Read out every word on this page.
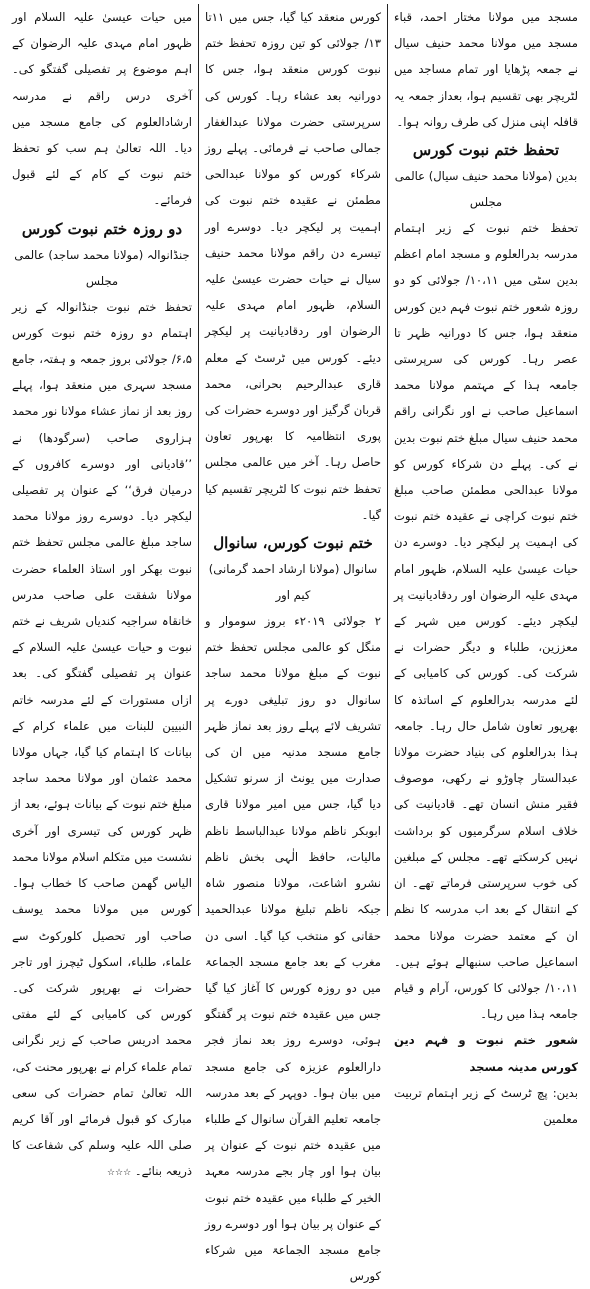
مسجد میں مولانا مختار احمد، قباء مسجد میں مولانا محمد حنیف سیال نے جمعہ پڑھایا اور تمام مساجد میں لٹریچر بھی تقسیم ہوا، بعداز جمعہ یہ قافلہ اپنی منزل کی طرف روانہ ہوا۔

تحفظ ختم نبوت کورس
بدین (مولانا محمد حنیف سیال) عالمی مجلس

تحفظ ختم نبوت کے زیر اہتمام مدرسہ بدرالعلوم و مسجد امام اعظم بدین سٹی میں ۱۰،۱۱/ جولائی کو دو روزہ شعور ختم نبوت فہم دین کورس منعقد ہوا، جس کا دورانیہ ظہر تا عصر رہا۔ کورس کی سرپرستی جامعہ ہذا کے مہتمم مولانا محمد اسماعیل صاحب نے اور نگرانی راقم محمد حنیف سیال مبلغ ختم نبوت بدین نے کی۔ پہلے دن شرکاء کورس کو مولانا عبدالحی مطمئن صاحب مبلغ ختم نبوت کراچی نے عقیدہ ختم نبوت کی اہمیت پر لیکچر دیا۔ دوسرے دن حیات عیسیٰ علیہ السلام، ظہور امام مہدی علیہ الرضوان اور ردقادیانیت پر لیکچر دیئے۔ کورس میں شہر کے معززین، طلباء و دیگر حضرات نے شرکت کی۔ کورس کی کامیابی کے لئے مدرسہ بدرالعلوم کے اساتذہ کا بھرپور تعاون شامل حال رہا۔ جامعہ ہذا بدرالعلوم کی بنیاد حضرت مولانا عبدالستار چاوڑو نے رکھی، موصوف فقیر منش انسان تھے۔ قادیانیت کی خلاف اسلام سرگرمیوں کو برداشت نہیں کرسکتے تھے۔ مجلس کے مبلغین کی خوب سرپرستی فرماتے تھے۔ ان کے انتقال کے بعد اب مدرسہ کا نظم ان کے معتمد حضرت مولانا محمد اسماعیل صاحب سنبھالے ہوئے ہیں۔ ۱۰،۱۱/ جولائی کا کورس، آرام و قیام جامعہ ہذا میں رہا۔

شعور ختم نبوت و فہم دین کورس مدینہ مسجد

بدین: پچ ٹرسٹ کے زیر اہتمام تربیت معلمین

کورس منعقد کیا گیا، جس میں ۱۱تا ۱۳/ جولائی کو تین روزہ تحفظ ختم نبوت کورس منعقد ہوا، جس کا دورانیہ بعد عشاء رہا۔ کورس کی سرپرستی حضرت مولانا عبدالغفار جمالی صاحب نے فرمائی۔ پہلے روز شرکاء کورس کو مولانا عبدالحی مطمئن نے عقیدہ ختم نبوت کی اہمیت پر لیکچر دیا۔ دوسرے اور تیسرے دن راقم مولانا محمد حنیف سیال نے حیات حضرت عیسیٰ علیہ السلام، ظہور امام مہدی علیہ الرضوان اور ردقادیانیت پر لیکچر دیئے۔ کورس میں ٹرسٹ کے معلم قاری عبدالرحیم بحرانی، محمد قربان گرگیز اور دوسرے حضرات کی پوری انتظامیہ کا بھرپور تعاون حاصل رہا۔ آخر میں عالمی مجلس تحفظ ختم نبوت کا لٹریچر تقسیم کیا گیا۔

ختم نبوت کورس، سانوال
سانوال (مولانا ارشاد احمد گرمانی) کیم اور

۲ جولائی ۲۰۱۹ء بروز سوموار و منگل کو عالمی مجلس تحفظ ختم نبوت کے مبلغ مولانا محمد ساجد سانوال دو روز تبلیغی دورے پر تشریف لائے پہلے روز بعد نماز ظہر جامع مسجد مدنیہ میں ان کی صدارت میں یونٹ از سرنو تشکیل دیا گیا، جس میں امیر مولانا قاری ابوبکر ناظم مولانا عبدالباسط ناظم مالیات، حافظ الٰہی بخش ناظم نشرو اشاعت، مولانا منصور شاہ جبکہ ناظم تبلیغ مولانا عبدالحمید حقانی کو منتخب کیا گیا۔ اسی دن مغرب کے بعد جامع مسجد الجماعۃ میں دو روزہ کورس کا آغاز کیا گیا جس میں عقیدہ ختم نبوت پر گفتگو ہوئی، دوسرے روز بعد نماز فجر دارالعلوم عزیزہ کی جامع مسجد میں بیان ہوا۔ دوپہر کے بعد مدرسہ جامعہ تعلیم القرآن سانوال کے طلباء میں عقیدہ ختم نبوت کے عنوان پر بیان ہوا اور چار بجے مدرسہ معہد الخیر کے طلباء میں عقیدہ ختم نبوت کے عنوان پر بیان ہوا اور دوسرے روز جامع مسجد الجماعۃ میں شرکاء کورس

میں حیات عیسیٰ علیہ السلام اور ظہور امام مہدی علیہ الرضوان کے اہم موضوع پر تفصیلی گفتگو کی۔ آخری درس راقم نے مدرسہ ارشادالعلوم کی جامع مسجد میں دیا۔ اللہ تعالیٰ ہم سب کو تحفظ ختم نبوت کے کام کے لئے قبول فرمائے۔

دو روزہ ختم نبوت کورس
جنڈانوالہ (مولانا محمد ساجد) عالمی مجلس

تحفظ ختم نبوت جنڈانوالہ کے زیر اہتمام دو روزہ ختم نبوت کورس ۶،۵/ جولائی بروز جمعہ و ہفتہ، جامع مسجد سہری میں منعقد ہوا، پہلے روز بعد از نماز عشاء مولانا نور محمد ہزاروی صاحب (سرگودھا) نے ’’قادیانی اور دوسرے کافروں کے درمیان فرق‘‘ کے عنوان پر تفصیلی لیکچر دیا۔ دوسرے روز مولانا محمد ساجد مبلغ عالمی مجلس تحفظ ختم نبوت بھکر اور استاذ العلماء حضرت مولانا شفقت علی صاحب مدرس خانقاہ سراجیہ کندیاں شریف نے ختم نبوت و حیات عیسیٰ علیہ السلام کے عنوان پر تفصیلی گفتگو کی۔ بعد ازاں مستورات کے لئے مدرسہ خاتم النبیین للبنات میں علماء کرام کے بیانات کا اہتمام کیا گیا، جہاں مولانا محمد عثمان اور مولانا محمد ساجد مبلغ ختم نبوت کے بیانات ہوئے، بعد از ظہر کورس کی تیسری اور آخری نشست میں متکلم اسلام مولانا محمد الیاس گھمن صاحب کا خطاب ہوا۔ کورس میں مولانا محمد یوسف صاحب اور تحصیل کلورکوٹ سے علماء، طلباء، اسکول ٹیچرز اور تاجر حضرات نے بھرپور شرکت کی۔ کورس کی کامیابی کے لئے مفتی محمد ادریس صاحب کے زیر نگرانی تمام علماء کرام نے بھرپور محنت کی، اللہ تعالیٰ تمام حضرات کی سعی مبارک کو قبول فرمائے اور آقا کریم صلی اللہ علیہ وسلم کی شفاعت کا ذریعہ بنائے۔ ☆☆☆
